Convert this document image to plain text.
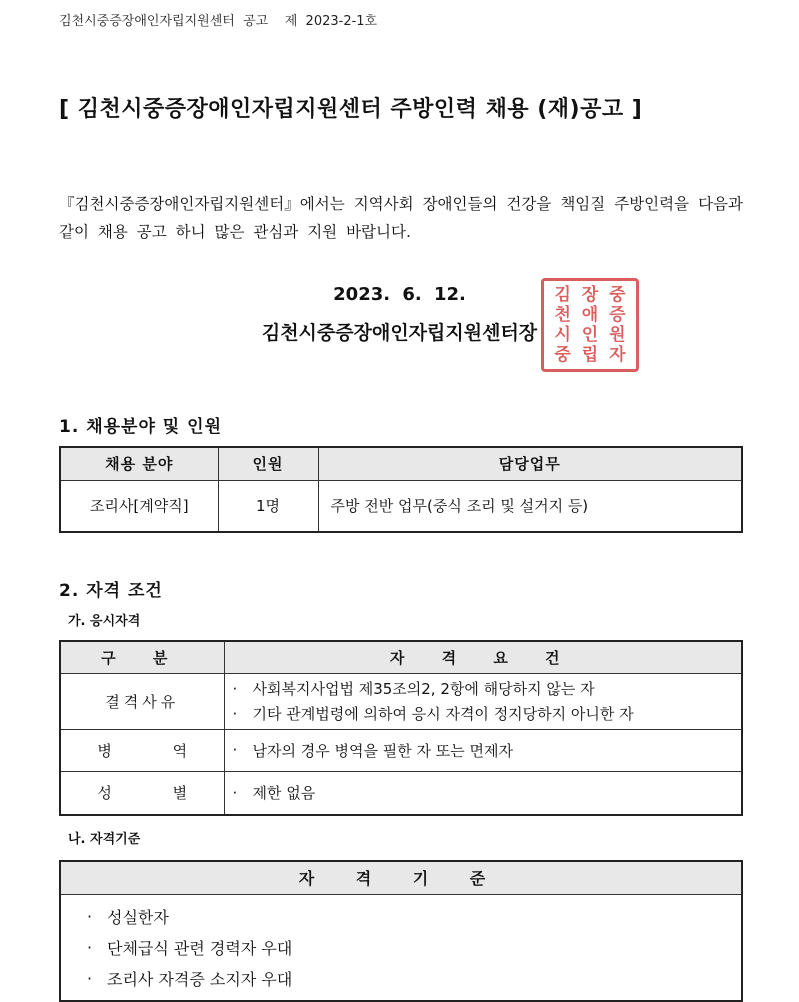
김천시중증장애인자립지원센터  공고    제  2023-2-1호
[ 김천시중증장애인자립지원센터 주방인력 채용 (재)공고 ]

『김천시중증장애인자립지원센터』에서는 지역사회 장애인들의 건강을 책임질 주방인력을 다음과 같이 채용 공고 하니 많은 관심과 지원 바랍니다.

2023. 6. 12.
김천시중증장애인자립지원센터장
김 장 중
천 애 증
시 인 원
중 립 자
1. 채용분야 및 인원
채용 분야	인원	담당업무
조리사[계약직]	1명	주방 전반 업무(중식 조리 및 설거지 등)
2. 자격 조건
가. 응시자격
구 분	자 격 요 건
결격사유	· 사회복지사업법 제35조의2, 2항에 해당하지 않는 자
· 기타 관계법령에 의하여 응시 자격이 정지당하지 아니한 자

병 역	· 남자의 경우 병역을 필한 자 또는 면제자

성 별	· 제한 없음
나. 자격기준
자 격 기 준

· 성실한자
· 단체급식 관련 경력자 우대
· 조리사 자격증 소지자 우대
